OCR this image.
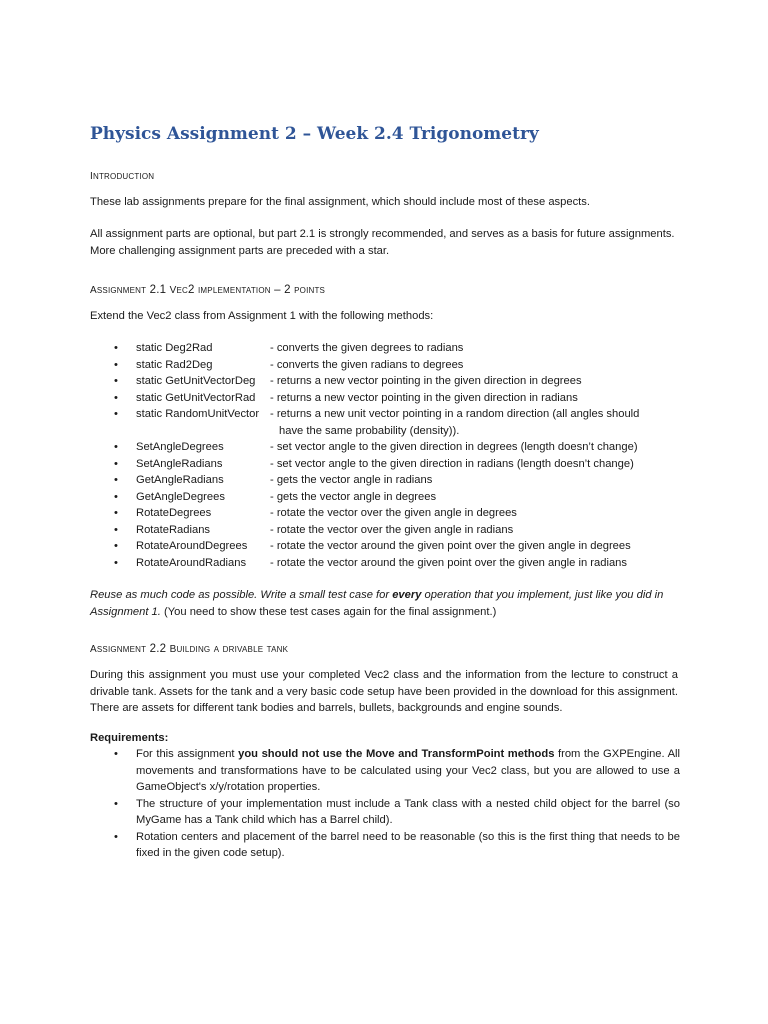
Physics Assignment 2 – Week 2.4 Trigonometry
introduction

These lab assignments prepare for the final assignment, which should include most of these aspects.

All assignment parts are optional, but part 2.1 is strongly recommended, and serves as a basis for future assignments. More challenging assignment parts are preceded with a star.

assignment 2.1 vec2 implementation – 2 points

Extend the Vec2 class from Assignment 1 with the following methods:

•	static Deg2Rad	- converts the given degrees to radians
•	static Rad2Deg	- converts the given radians to degrees
•	static GetUnitVectorDeg	- returns a new vector pointing in the given direction in degrees
•	static GetUnitVectorRad	- returns a new vector pointing in the given direction in radians
•	static RandomUnitVector - returns a new unit vector pointing in a random direction (all angles should
have the same probability (density)).
•	SetAngleDegrees	- set vector angle to the given direction in degrees (length doesn’t change)
•	SetAngleRadians	- set vector angle to the given direction in radians (length doesn’t change)
•	GetAngleRadians	- gets the vector angle in radians
•	GetAngleDegrees	- gets the vector angle in degrees
•	RotateDegrees	- rotate the vector over the given angle in degrees
•	RotateRadians	- rotate the vector over the given angle in radians
•	RotateAroundDegrees	- rotate the vector around the given point over the given angle in degrees
•	RotateAroundRadians	- rotate the vector around the given point over the given angle in radians

Reuse as much code as possible. Write a small test case for every operation that you implement, just like you did in Assignment 1. (You need to show these test cases again for the final assignment.)

assignment 2.2 building a drivable tank

During this assignment you must use your completed Vec2 class and the information from the lecture to construct a drivable tank. Assets for the tank and a very basic code setup have been provided in the download for this assignment. There are assets for different tank bodies and barrels, bullets, backgrounds and engine sounds.

Requirements:

•	For this assignment you should not use the Move and TransformPoint methods from the GXPEngine. All movements and transformations have to be calculated using your Vec2 class, but you are allowed to use a GameObject's x/y/rotation properties.
•	The structure of your implementation must include a Tank class with a nested child object for the barrel (so MyGame has a Tank child which has a Barrel child).
•	Rotation centers and placement of the barrel need to be reasonable (so this is the first thing that needs to be fixed in the given code setup).
